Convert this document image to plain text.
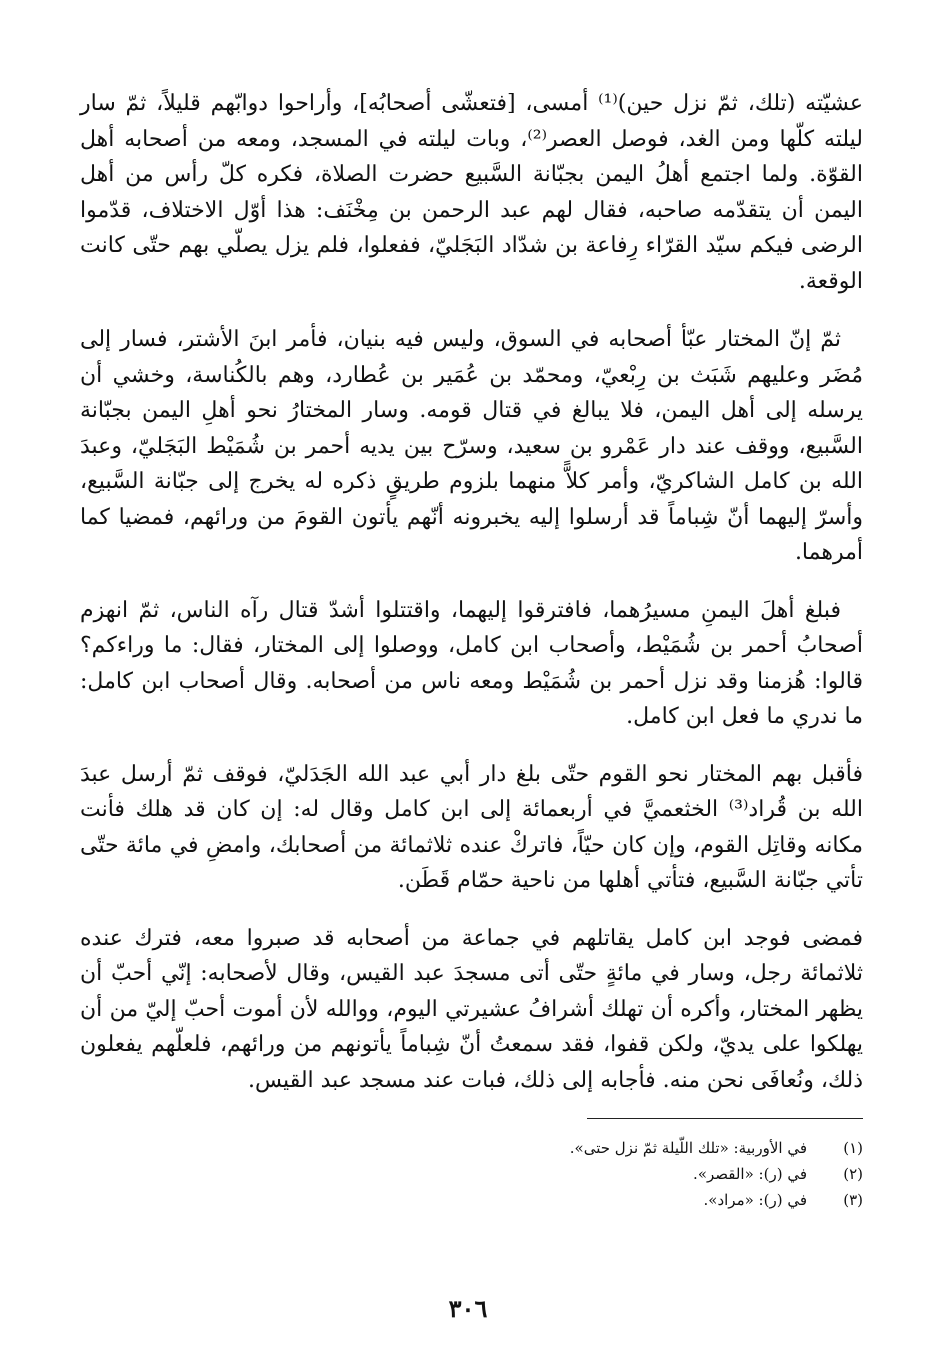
عشيّته (تلك، ثمّ نزل حين)⁽¹⁾ أمسى، [فتعشّى أصحابُه]، وأراحوا دوابّهم قليلاً، ثمّ سار ليلته كلّها ومن الغد، فوصل العصر⁽²⁾، وبات ليلته في المسجد، ومعه من أصحابه أهل القوّة. ولما اجتمع أهلُ اليمن بجبّانة السَّبيع حضرت الصلاة، فكره كلّ رأس من أهل اليمن أن يتقدّمه صاحبه، فقال لهم عبد الرحمن بن مِخْنَف: هذا أوّل الاختلاف، قدّموا الرضى فيكم سيّد القرّاء رِفاعة بن شدّاد البَجَليّ، ففعلوا، فلم يزل يصلّي بهم حتّى كانت الوقعة.

ثمّ إنّ المختار عبّأ أصحابه في السوق، وليس فيه بنيان، فأمر ابنَ الأشتر، فسار إلى مُضَر وعليهم شَبَث بن رِبْعيّ، ومحمّد بن عُمَير بن عُطارد، وهم بالكُناسة، وخشي أن يرسله إلى أهل اليمن، فلا يبالغ في قتال قومه. وسار المختارُ نحو أهلِ اليمن بجبّانة السَّبيع، ووقف عند دار عَمْرو بن سعيد، وسرّح بين يديه أحمر بن شُمَيْط البَجَليّ، وعبدَ الله بن كامل الشاكريّ، وأمر كلاًّ منهما بلزوم طريقٍ ذكره له يخرج إلى جبّانة السَّبيع، وأسرّ إليهما أنّ شِباماً قد أرسلوا إليه يخبرونه أنّهم يأتون القومَ من ورائهم، فمضيا كما أمرهما.

فبلغ أهلَ اليمنِ مسيرُهما، فافترقوا إليهما، واقتتلوا أشدّ قتال رآه الناس، ثمّ انهزم أصحابُ أحمر بن شُمَيْط، وأصحاب ابن كامل، ووصلوا إلى المختار، فقال: ما وراءكم؟ قالوا: هُزمنا وقد نزل أحمر بن شُمَيْط ومعه ناس من أصحابه. وقال أصحاب ابن كامل: ما ندري ما فعل ابن كامل.

فأقبل بهم المختار نحو القوم حتّى بلغ دار أبي عبد الله الجَدَليّ، فوقف ثمّ أرسل عبدَ الله بن قُراد⁽³⁾ الخثعميَّ في أربعمائة إلى ابن كامل وقال له: إن كان قد هلك فأنت مكانه وقاتِل القوم، وإن كان حيّاً، فاتركْ عنده ثلاثمائة من أصحابك، وامضِ في مائة حتّى تأتي جبّانة السَّبيع، فتأتي أهلها من ناحية حمّام قَطَن.

فمضى فوجد ابن كامل يقاتلهم في جماعة من أصحابه قد صبروا معه، فترك عنده ثلاثمائة رجل، وسار في مائةٍ حتّى أتى مسجدَ عبد القيس، وقال لأصحابه: إنّي أحبّ أن يظهر المختار، وأكره أن تهلك أشرافُ عشيرتي اليوم، ووالله لأن أموت أحبّ إليّ من أن يهلكوا على يديّ، ولكن قفوا، فقد سمعتُ أنّ شِباماً يأتونهم من ورائهم، فلعلّهم يفعلون ذلك، ونُعافَى نحن منه. فأجابه إلى ذلك، فبات عند مسجد عبد القيس.

(١)
في الأوربية: «تلك اللّيلة ثمّ نزل حتى».
(٢)
في (ر): «القصر».
(٣)
في (ر): «مراد».
٣٠٦
